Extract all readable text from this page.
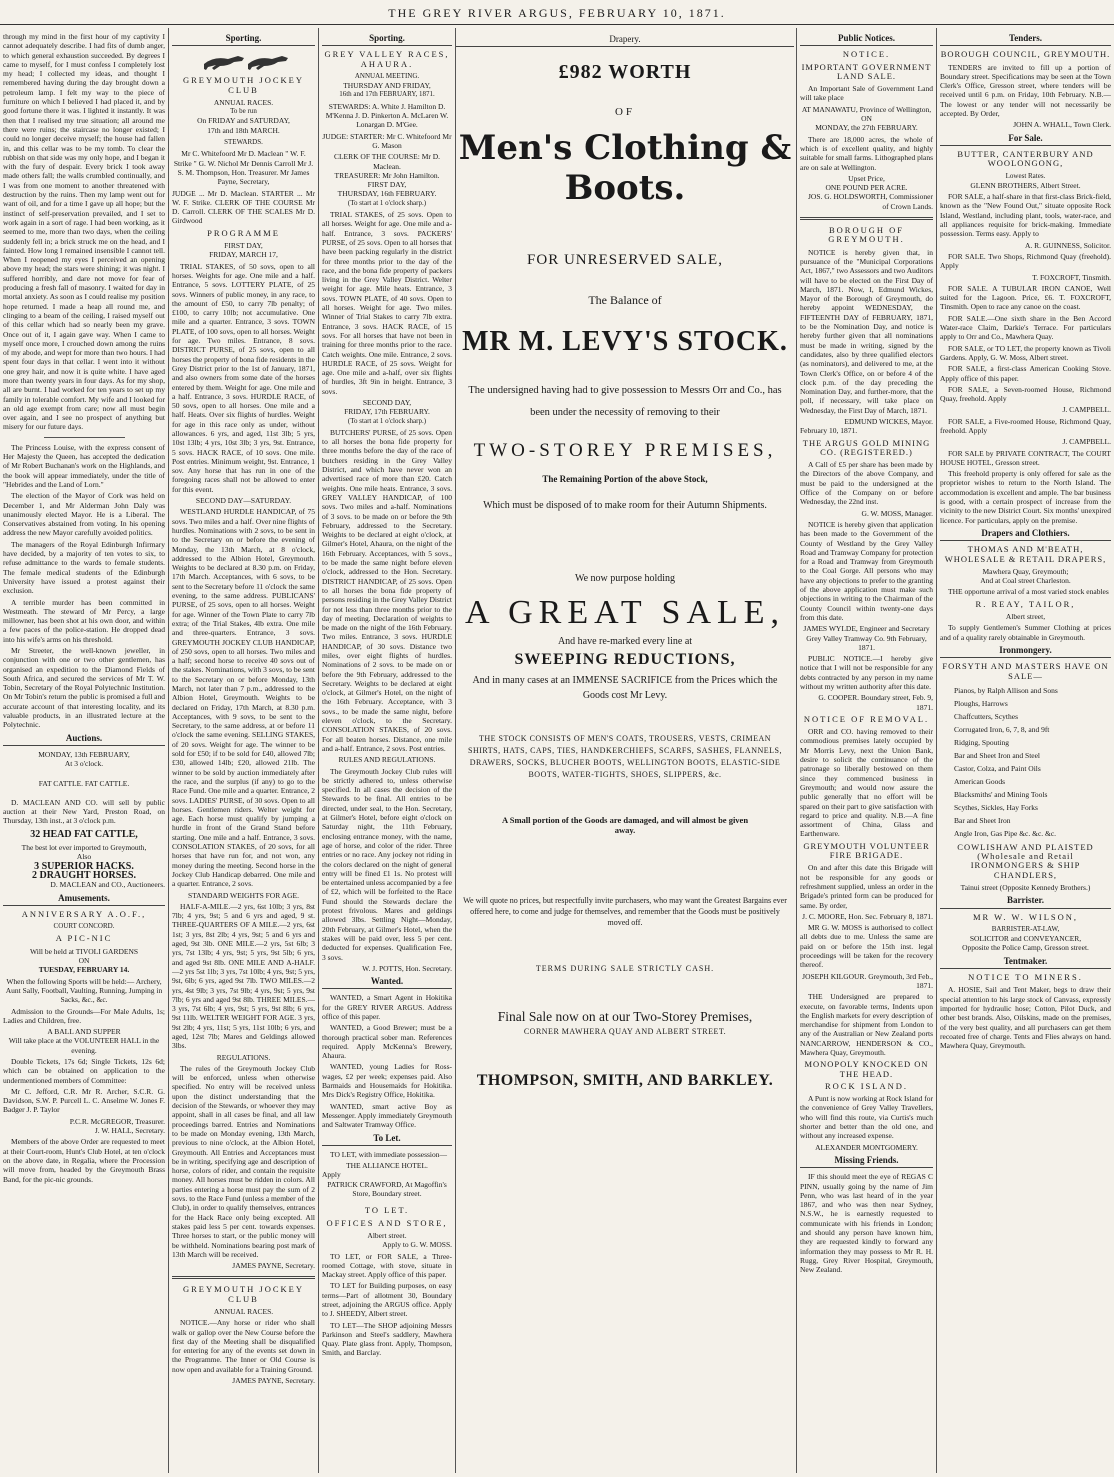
THE GREY RIVER ARGUS, FEBRUARY 10, 1871.

through my mind in the first hour of my captivity I cannot adequately describe. I had fits of dumb anger, to which general exhaustion succeeded. By degrees I came to myself, for I must confess I completely lost my head; I collected my ideas, and thought I remembered having during the day brought down a petroleum lamp. I felt my way to the piece of furniture on which I believed I had placed it, and by good fortune there it was. I lighted it instantly. It was then that I realised my true situation; all around me there were ruins; the staircase no longer existed; I could no longer deceive myself; the house had fallen in, and this cellar was to be my tomb. To clear the rubbish on that side was my only hope, and I began it with the fury of despair. Every brick I took away made others fall; the walls crumbled continually, and I was from one moment to another threatened with destruction by the ruins. Then my lamp went out for want of oil, and for a time I gave up all hope; but the instinct of self-preservation prevailed, and I set to work again in a sort of rage. I had been working, as it seemed to me, more than two days, when the ceiling suddenly fell in; a brick struck me on the head, and I fainted. How long I remained insensible I cannot tell. When I reopened my eyes I perceived an opening above my head; the stars were shining; it was night. I suffered horribly, and dare not move for fear of producing a fresh fall of masonry. I waited for day in mortal anxiety. As soon as I could realise my position hope returned. I made a heap all round me, and clinging to a beam of the ceiling, I raised myself out of this cellar which had so nearly been my grave. Once out of it, I again gave way. When I came to myself once more, I crouched down among the ruins of my abode, and wept for more than two hours. I had spent four days in that cellar. I went into it without one grey hair, and now it is quite white. I have aged more than twenty years in four days. As for my shop, all are burnt. I had worked for ten years to set up my family in tolerable comfort. My wife and I looked for an old age exempt from care; now all must begin over again, and I see no prospect of anything but misery for our future days.

The Princess Louise, with the express consent of Her Majesty the Queen, has accepted the dedication of Mr Robert Buchanan's work on the Highlands, and the book will appear immediately, under the title of "Hebrides and the Land of Lorn."

The election of the Mayor of Cork was held on December 1, and Mr Alderman John Daly was unanimously elected Mayor. He is a Liberal. The Conservatives abstained from voting. In his opening address the new Mayor carefully avoided politics.

The managers of the Royal Edinburgh Infirmary have decided, by a majority of ten votes to six, to refuse admittance to the wards to female students. The female medical students of the Edinburgh University have issued a protest against their exclusion.

A terrible murder has been committed in Westmeath. The steward of Mr Percy, a large millowner, has been shot at his own door, and within a few paces of the police-station. He dropped dead into his wife's arms on his threshold.

Mr Streeter, the well-known jeweller, in conjunction with one or two other gentlemen, has organised an expedition to the Diamond Fields of South Africa, and secured the services of Mr T. W. Tobin, Secretary of the Royal Polytechnic Institution. On Mr Tobin's return the public is promised a full and accurate account of that interesting locality, and its valuable products, in an illustrated lecture at the Polytechnic.

Auctions.
MONDAY, 13th FEBRUARY,
At 3 o'clock.
FAT CATTLE. FAT CATTLE.

D. MACLEAN AND CO. will sell by public auction at their New Yard, Preston Road, on Thursday, 13th inst., at 3 o'clock p.m.

32 HEAD FAT CATTLE,
The best lot ever imported to Greymouth,
Also
3 SUPERIOR HACKS.
2 DRAUGHT HORSES.
D. MACLEAN and CO., Auctioneers.
Amusements.
ANNIVERSARY A.O.F.,
COURT CONCORD.
A PIC-NIC
Will be held at TIVOLI GARDENS
ON
TUESDAY, FEBRUARY 14.

When the following Sports will be held:— Archery, Aunt Sally, Football, Vaulting, Running, Jumping in Sacks, &c., &c.

Admission to the Grounds—For Male Adults, 1s; Ladies and Children, free.

A BALL AND SUPPER
Will take place at the VOLUNTEER HALL in the evening.

Double Tickets, 17s 6d; Single Tickets, 12s 6d; which can be obtained on application to the undermentioned members of Committee:

Mr C. Jefford, C.R. Mr R. Archer, S.C.R. G. Davidson, S.W. P. Purcell L. C. Anselme W. Jones F. Badger J. P. Taylor

P.C.R. McGREGOR, Treasurer.
J. W. HALL, Secretary.

Members of the above Order are requested to meet at their Court-room, Hunt's Club Hotel, at ten o'clock on the above date, in Regalia, where the Procession will move from, headed by the Greymouth Brass Band, for the pic-nic grounds.

Sporting.
GREYMOUTH JOCKEY CLUB
ANNUAL RACES.
To be run
On FRIDAY and SATURDAY,
17th and 18th MARCH.
STEWARDS.

Mr C. Whitefoord Mr D. Maclean " W. F. Strike " G. W. Nichol Mr Dennis Carroll Mr J. S. M. Thompson, Hon. Treasurer. Mr James Payne, Secretary,

JUDGE ... Mr D. Maclean. STARTER ... Mr W. F. Strike. CLERK OF THE COURSE Mr D. Carroll. CLERK OF THE SCALES Mr D. Girdwood

PROGRAMME
FIRST DAY,
FRIDAY, MARCH 17,

TRIAL STAKES, of 50 sovs, open to all horses. Weights for age. One mile and a half. Entrance, 5 sovs. LOTTERY PLATE, of 25 sovs. Winners of public money, in any race, to the amount of £50, to carry 7lb penalty; of £100, to carry 10lb; not accumulative. One mile and a quarter. Entrance, 3 sovs. TOWN PLATE, of 100 sovs, open to all horses. Weight for age. Two miles. Entrance, 8 sovs. DISTRICT PURSE, of 25 sovs, open to all horses the property of bona fide residents in the Grey District prior to the 1st of January, 1871, and also owners from some date of the horses entered by them. Weight for age. One mile and a half. Entrance, 3 sovs. HURDLE RACE, of 50 sovs, open to all horses. One mile and a half. Heats. Over six flights of hurdles. Weight for age in this race only as under, without allowances. 6 yrs, and aged, 11st 3lb; 5 yrs, 10st 13lb; 4 yrs, 10st 3lb; 3 yrs, 9st. Entrance, 5 sovs. HACK RACE, of 10 sovs. One mile. Post entries. Minimum weight, 9st. Entrance, 1 sov. Any horse that has run in one of the foregoing races shall not be allowed to enter for this event.

SECOND DAY—SATURDAY.

WESTLAND HURDLE HANDICAP, of 75 sovs. Two miles and a half. Over nine flights of hurdles. Nominations with 2 sovs, to be sent in to the Secretary on or before the evening of Monday, the 13th March, at 8 o'clock, addressed to the Albion Hotel, Greymouth. Weights to be declared at 8.30 p.m. on Friday, 17th March. Acceptances, with 6 sovs, to be sent to the Secretary before 11 o'clock the same evening, to the same address. PUBLICANS' PURSE, of 25 sovs, open to all horses. Weight for age. Winner of the Town Plate to carry 7lb extra; of the Trial Stakes, 4lb extra. One mile and three-quarters. Entrance, 3 sovs. GREYMOUTH JOCKEY CLUB HANDICAP, of 250 sovs, open to all horses. Two miles and a half; second horse to receive 40 sovs out of the stakes. Nominations, with 3 sovs, to be sent to the Secretary on or before Monday, 13th March, not later than 7 p.m., addressed to the Albion Hotel, Greymouth. Weights to be declared on Friday, 17th March, at 8.30 p.m. Acceptances, with 9 sovs, to be sent to the Secretary, to the same address, at or before 11 o'clock the same evening. SELLING STAKES, of 20 sovs. Weight for age. The winner to be sold for £50; if to be sold for £40, allowed 7lb; £30, allowed 14lb; £20, allowed 21lb. The winner to be sold by auction immediately after the race, and the surplus (if any) to go to the Race Fund. One mile and a quarter. Entrance, 2 sovs. LADIES' PURSE, of 30 sovs. Open to all horses. Gentlemen riders. Welter weight for age. Each horse must qualify by jumping a hurdle in front of the Grand Stand before starting. One mile and a half. Entrance, 3 sovs. CONSOLATION STAKES, of 20 sovs, for all horses that have run for, and not won, any money during the meeting. Second horse in the Jockey Club Handicap debarred. One mile and a quarter. Entrance, 2 sovs.

STANDARD WEIGHTS FOR AGE.

HALF-A-MILE.—2 yrs, 6st 10lb; 3 yrs, 8st 7lb; 4 yrs, 9st; 5 and 6 yrs and aged, 9 st. THREE-QUARTERS OF A MILE.—2 yrs, 6st 1st; 3 yrs, 8st 2lb; 4 yrs, 9st; 5 and 6 yrs and aged, 9st 3lb. ONE MILE.—2 yrs, 5st 6lb; 3 yrs, 7st 13lb; 4 yrs, 9st; 5 yrs, 9st 5lb; 6 yrs, and aged 9st 8lb. ONE MILE AND A-HALF.—2 yrs 5st 1lb; 3 yrs, 7st 10lb; 4 yrs, 9st; 5 yrs, 9st, 6lb; 6 yrs, aged 9st 7lb. TWO MILES.—2 yrs, 4st 9lb; 3 yrs, 7st 9lb; 4 yrs, 9st; 5 yrs, 9st 7lb; 6 yrs and aged 9st 8lb. THREE MILES.—3 yrs, 7st 6lb; 4 yrs, 9st; 5 yrs, 9st 8lb; 6 yrs, 9st 11lb. WELTER WEIGHT FOR AGE. 3 yrs, 9st 2lb; 4 yrs, 11st; 5 yrs, 11st 10lb; 6 yrs, and aged, 12st 7lb; Mares and Geldings allowed 3lbs.

REGULATIONS.

The rules of the Greymouth Jockey Club will be enforced, unless when otherwise specified. No entry will be received unless upon the distinct understanding that the decision of the Stewards, or whoever they may appoint, shall in all cases be final, and all law proceedings barred. Entries and Nominations to be made on Monday evening, 13th March, previous to nine o'clock, at the Albion Hotel, Greymouth. All Entries and Acceptances must be in writing, specifying age and description of horse, colors of rider, and contain the requisite money. All horses must be ridden in colors. All parties entering a horse must pay the sum of 2 sovs. to the Race Fund (unless a member of the Club), in order to qualify themselves, entrances for the Hack Race only being excepted. All stakes paid less 5 per cent. towards expenses. Three horses to start, or the public money will be withheld. Nominations bearing post mark of 13th March will be received.

JAMES PAYNE, Secretary.
GREYMOUTH JOCKEY CLUB
ANNUAL RACES.

NOTICE.—Any horse or rider who shall walk or gallop over the New Course before the first day of the Meeting shall be disqualified for entering for any of the events set down in the Programme. The Inner or Old Course is now open and available for a Training Ground.

JAMES PAYNE, Secretary.
Sporting.
GREY VALLEY RACES, AHAURA.
ANNUAL MEETING.
THURSDAY AND FRIDAY,
16th and 17th FEBRUARY, 1871.

STEWARDS: A. White J. Hamilton D. M'Kenna J. D. Pinkerton A. McLaren W. Lonargan D. M'Gee.

JUDGE: STARTER: Mr C. Whitefoord Mr G. Mason

CLERK OF THE COURSE: Mr D. Maclean.
TREASURER: Mr John Hamilton.
FIRST DAY,
THURSDAY, 16th FEBRUARY.
(To start at 1 o'clock sharp.)

TRIAL STAKES, of 25 sovs. Open to all horses. Weight for age. One mile and a-half. Entrance, 3 sovs. PACKERS' PURSE, of 25 sovs. Open to all horses that have been packing regularly in the district for three months prior to the day of the race, and the bona fide property of packers living in the Grey Valley District. Welter weight for age. Mile heats. Entrance, 3 sovs. TOWN PLATE, of 40 sovs. Open to all horses. Weight for age. Two miles. Winner of Trial Stakes to carry 7lb extra. Entrance, 3 sovs. HACK RACE, of 15 sovs. For all horses that have not been in training for three months prior to the race. Catch weights. One mile. Entrance, 2 sovs. HURDLE RACE, of 25 sovs. Weight for age. One mile and a-half, over six flights of hurdles, 3ft 9in in height. Entrance, 3 sovs.

SECOND DAY,
FRIDAY, 17th FEBRUARY.
(To start at 1 o'clock sharp.)

BUTCHERS' PURSE, of 25 sovs. Open to all horses the bona fide property for three months before the day of the race of butchers residing in the Grey Valley District, and which have never won an advertised race of more than £20. Catch weights. One mile heats. Entrance, 3 sovs. GREY VALLEY HANDICAP, of 100 sovs. Two miles and a-half. Nominations of 3 sovs. to be made on or before the 9th February, addressed to the Secretary. Weights to be declared at eight o'clock, at Gilmer's Hotel, Ahaura, on the night of the 16th February. Acceptances, with 5 sovs., to be made the same night before eleven o'clock, addressed to the Hon. Secretary. DISTRICT HANDICAP, of 25 sovs. Open to all horses the bona fide property of persons residing in the Grey Valley District for not less than three months prior to the day of meeting. Declaration of weights to be made on the night of the 16th February. Two miles. Entrance, 3 sovs. HURDLE HANDICAP, of 30 sovs. Distance two miles, over eight flights of hurdles. Nominations of 2 sovs. to be made on or before the 9th February, addressed to the Secretary. Weights to be declared at eight o'clock, at Gilmer's Hotel, on the night of the 16th February. Acceptance, with 3 sovs., to be made the same night, before eleven o'clock, to the Secretary. CONSOLATION STAKES, of 20 sovs. For all beaten horses. Distance, one mile and a-half. Entrance, 2 sovs. Post entries.

RULES AND REGULATIONS.

The Greymouth Jockey Club rules will be strictly adhered to, unless otherwise specified. In all cases the decision of the Stewards to be final. All entries to be directed, under seal, to the Hon. Secretary, at Gilmer's Hotel, before eight o'clock on Saturday night, the 11th February, enclosing entrance money, with the name, age of horse, and color of the rider. Three entries or no race. Any jockey not riding in the colors declared on the night of general entry will be fined £1 1s. No protest will be entertained unless accompanied by a fee of £2, which will be forfeited to the Race Fund should the Stewards declare the protest frivolous. Mares and geldings allowed 3lbs. Settling Night—Monday, 20th February, at Gilmer's Hotel, when the stakes will be paid over, less 5 per cent. deducted for expenses. Qualification Fee, 3 sovs.

W. J. POTTS, Hon. Secretary.
Wanted.

WANTED, a Smart Agent in Hokitika for the GREY RIVER ARGUS. Address office of this paper.

WANTED, a Good Brewer; must be a thorough practical sober man. References required. Apply McKenna's Brewery, Ahaura.

WANTED, young Ladies for Ross-wages, £2 per week; expenses paid. Also Barmaids and Housemaids for Hokitika. Mrs Dick's Registry Office, Hokitika.

WANTED, smart active Boy as Messenger. Apply immediately Greymouth and Saltwater Tramway Office.

To Let.

TO LET, with immediate possession—

THE ALLIANCE HOTEL.
Apply
PATRICK CRAWFORD, At Magoffin's Store, Boundary street.
TO LET.
OFFICES AND STORE,
Albert street.
Apply to G. W. MOSS.

TO LET, or FOR SALE, a Three-roomed Cottage, with stove, situate in Mackay street. Apply office of this paper.

TO LET for Building purposes, on easy terms—Part of allotment 30, Boundary street, adjoining the ARGUS office. Apply to J. SHEEDY, Albert street.

TO LET—The SHOP adjoining Messrs Parkinson and Steel's saddlery, Mawhera Quay. Plate glass front. Apply, Thompson, Smith, and Barclay.

Drapery.
£982 WORTH
OF
Men's Clothing & Boots.
FOR UNRESERVED SALE,
The Balance of
MR M. LEVY'S STOCK.
The undersigned having had to give possession to Messrs Orr and Co., has been under the necessity of removing to their
TWO-STOREY PREMISES,
The Remaining Portion of the above Stock,
Which must be disposed of to make room for their Autumn Shipments.
We now purpose holding
A GREAT SALE,
And have re-marked every line at
SWEEPING REDUCTIONS,
And in many cases at an IMMENSE SACRIFICE from the Prices which the Goods cost Mr Levy.
THE STOCK CONSISTS OF MEN'S COATS, TROUSERS, VESTS, CRIMEAN SHIRTS, HATS, CAPS, TIES, HANDKERCHIEFS, SCARFS, SASHES, FLANNELS, DRAWERS, SOCKS, BLUCHER BOOTS, WELLINGTON BOOTS, ELASTIC-SIDE BOOTS, WATER-TIGHTS, SHOES, SLIPPERS, &c.
A Small portion of the Goods are damaged, and will almost be given away.
We will quote no prices, but respectfully invite purchasers, who may want the Greatest Bargains ever offered here, to come and judge for themselves, and remember that the Goods must be positively moved off.
TERMS DURING SALE STRICTLY CASH.
Final Sale now on at our Two-Storey Premises,
CORNER MAWHERA QUAY AND ALBERT STREET.
THOMPSON, SMITH, AND BARKLEY.
Public Notices.
NOTICE.
IMPORTANT GOVERNMENT LAND SALE.

An Important Sale of Government Land will take place

AT MANAWATU, Province of Wellington,
ON
MONDAY, the 27th FEBRUARY.

There are 18,000 acres, the whole of which is of excellent quality, and highly suitable for small farms. Lithographed plans are on sale at Wellington.

Upset Price,
ONE POUND PER ACRE.
JOS. G. HOLDSWORTH, Commissioner of Crown Lands.
BOROUGH OF GREYMOUTH.

NOTICE is hereby given that, in pursuance of the "Municipal Corporations Act, 1867," two Assessors and two Auditors will have to be elected on the First Day of March, 1871. Now, I, Edmund Wickes, Mayor of the Borough of Greymouth, do hereby appoint WEDNESDAY, the FIFTEENTH DAY of FEBRUARY, 1871, to be the Nomination Day, and notice is hereby further given that all nominations must be made in writing, signed by the candidates, also by three qualified electors (as nominators), and delivered to me, at the Town Clerk's Office, on or before 4 of the clock p.m. of the day preceding the Nomination Day, and further-more, that the poll, if necessary, will take place on Wednesday, the First Day of March, 1871.

EDMUND WICKES, Mayor.
February 10, 1871.
THE ARGUS GOLD MINING CO. (REGISTERED.)

A Call of £5 per share has been made by the Directors of the above Company, and must be paid to the undersigned at the Office of the Company on or before Wednesday, the 22nd inst.

G. W. MOSS, Manager.

NOTICE is hereby given that application has been made to the Government of the County of Westland by the Grey Valley Road and Tramway Company for protection for a Road and Tramway from Greymouth to the Coal Gorge. All persons who may have any objections to prefer to the granting of the above application must make such objections in writing to the Chairman of the County Council within twenty-one days from this date.

JAMES WYLDE, Engineer and Secretary Grey Valley Tramway Co. 9th February, 1871.

PUBLIC NOTICE.—I hereby give notice that I will not be responsible for any debts contracted by any person in my name without my written authority after this date.

G. COOPER. Boundary street, Feb. 9, 1871.
NOTICE OF REMOVAL.

ORR and CO. having removed to their commodious premises lately occupied by Mr Morris Levy, next the Union Bank, desire to solicit the continuance of the patronage so liberally bestowed on them since they commenced business in Greymouth; and would now assure the public generally that no effort will be spared on their part to give satisfaction with regard to price and quality. N.B.—A fine assortment of China, Glass and Earthenware.

GREYMOUTH VOLUNTEER FIRE BRIGADE.

On and after this date this Brigade will not be responsible for any goods or refreshment supplied, unless an order in the Brigade's printed form can be produced for same. By order,

J. C. MOORE, Hon. Sec. February 8, 1871.

MR G. W. MOSS is authorised to collect all debts due to me. Unless the same are paid on or before the 15th inst. legal proceedings will be taken for the recovery thereof.

JOSEPH KILGOUR. Greymouth, 3rd Feb., 1871.

THE Undersigned are prepared to execute, on favorable terms, Indents upon the English markets for every description of merchandise for shipment from London to any of the Australian or New Zealand ports NANCARROW, HENDERSON & CO., Mawhera Quay, Greymouth.

MONOPOLY KNOCKED ON THE HEAD.
ROCK ISLAND.

A Punt is now working at Rock Island for the convenience of Grey Valley Travellers, who will find this route, via Curtis's much shorter and better than the old one, and without any increased expense.

ALEXANDER MONTGOMERY.
Missing Friends.

IF this should meet the eye of REGAS C PINN, usually going by the name of Jim Penn, who was last heard of in the year 1867, and who was then near Sydney, N.S.W., he is earnestly requested to communicate with his friends in London; and should any person have known him, they are requested kindly to forward any information they may possess to Mr R. H. Rugg, Grey River Hospital, Greymouth, New Zealand.

Tenders.
BOROUGH COUNCIL, GREYMOUTH.

TENDERS are invited to fill up a portion of Boundary street. Specifications may be seen at the Town Clerk's Office, Gresson street, where tenders will be received until 6 p.m. on Friday, 10th February. N.B.—The lowest or any tender will not necessarily be accepted. By Order,

JOHN A. WHALL, Town Clerk.
For Sale.
BUTTER, CANTERBURY AND WOOLONGONG,
Lowest Rates.
GLENN BROTHERS, Albert Street.

FOR SALE, a half-share in that first-class Brick-field, known as the "New Found Out," situate opposite Rock Island, Westland, including plant, tools, water-race, and all appliances requisite for brick-making. Immediate possession. Terms easy. Apply to

A. R. GUINNESS, Solicitor.

FOR SALE. Two Shops, Richmond Quay (freehold). Apply

T. FOXCROFT, Tinsmith.

FOR SALE. A TUBULAR IRON CANOE, Well suited for the Lagoon. Price, £6. T. FOXCROFT, Tinsmith. Open to race any canoe on the coast.

FOR SALE.—One sixth share in the Ben Accord Water-race Claim, Darkie's Terrace. For particulars apply to Orr and Co., Mawhera Quay.

FOR SALE, or TO LET, the property known as Tivoli Gardens. Apply, G. W. Moss, Albert street.

FOR SALE, a first-class American Cooking Stove. Apply office of this paper.

FOR SALE, a Seven-roomed House, Richmond Quay, freehold. Apply

J. CAMPBELL.

FOR SALE, a Five-roomed House, Richmond Quay, freehold. Apply

J. CAMPBELL.

FOR SALE by PRIVATE CONTRACT, The COURT HOUSE HOTEL, Gresson street.

This freehold property is only offered for sale as the proprietor wishes to return to the North Island. The accommodation is excellent and ample. The bar business is good, with a certain prospect of increase from the vicinity to the new District Court. Six months' unexpired licence. For particulars, apply on the premise.

Drapers and Clothiers.
THOMAS AND M'BEATH, WHOLESALE & RETAIL DRAPERS,
Mawhera Quay, Greymouth;
And at Coal street Charleston.

THE opportune arrival of a most varied stock enables

R. REAY, TAILOR,
Albert street,

To supply Gentlemen's Summer Clothing at prices and of a quality rarely obtainable in Greymouth.

Ironmongery.
FORSYTH AND MASTERS HAVE ON SALE—
Pianos, by Ralph Allison and Sons
Ploughs, Harrows
Chaffcutters, Scythes
Corrugated Iron, 6, 7, 8, and 9ft
Ridging, Spouting
Bar and Sheet Iron and Steel
Castor, Colza, and Paint Oils
American Goods
Blacksmiths' and Mining Tools
Scythes, Sickles, Hay Forks
Bar and Sheet Iron
Angle Iron, Gas Pipe &c. &c. &c.
COWLISHAW AND PLAISTED (Wholesale and Retail IRONMONGERS & SHIP CHANDLERS,
Tainui street (Opposite Kennedy Brothers.)
Barrister.
MR W. W. WILSON,
BARRISTER-AT-LAW,
SOLICITOR and CONVEYANCER,
Opposite the Police Camp, Gresson street.
Tentmaker.
NOTICE TO MINERS.

A. HOSIE, Sail and Tent Maker, begs to draw their special attention to his large stock of Canvass, expressly imported for hydraulic hose; Cotton, Pilot Duck, and other best brands. Also, Oilskins, made on the premises, of the very best quality, and all purchasers can get them recoated free of charge. Tents and Flies always on hand. Mawhera Quay, Greymouth.
